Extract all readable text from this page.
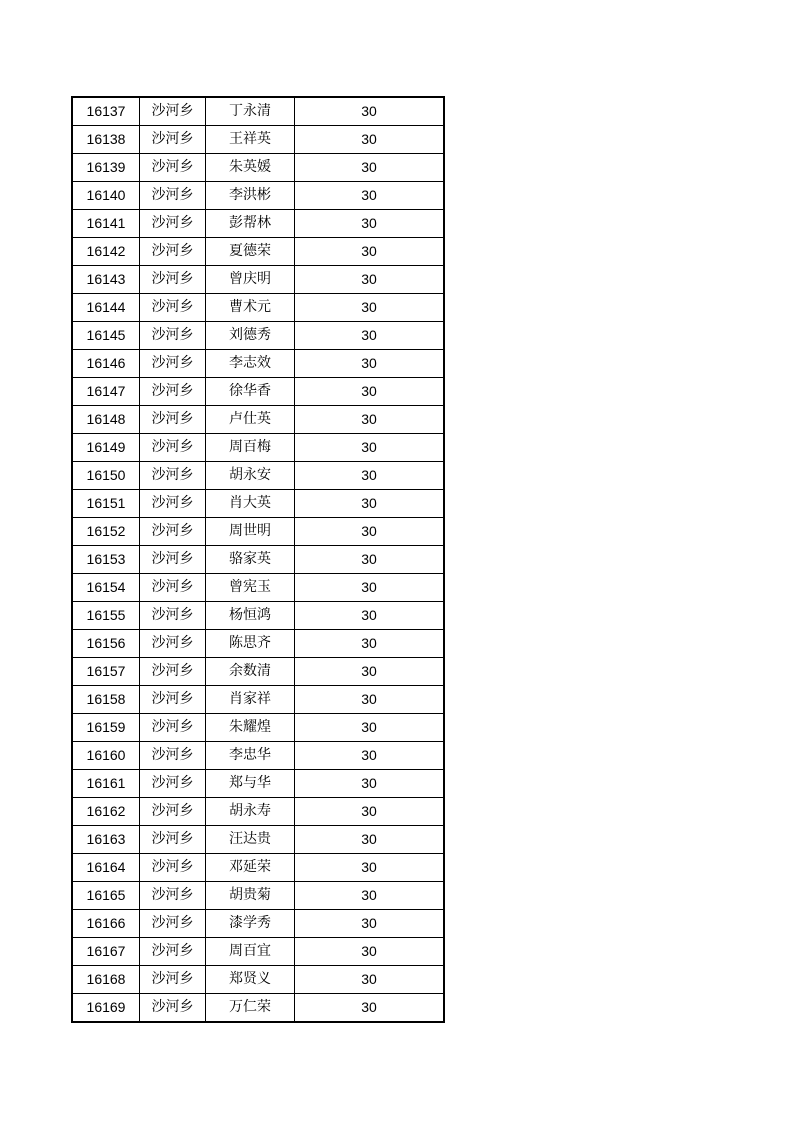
16137	沙河乡	丁永清	30
16138	沙河乡	王祥英	30
16139	沙河乡	朱英媛	30
16140	沙河乡	李洪彬	30
16141	沙河乡	彭帮林	30
16142	沙河乡	夏德荣	30
16143	沙河乡	曾庆明	30
16144	沙河乡	曹术元	30
16145	沙河乡	刘德秀	30
16146	沙河乡	李志效	30
16147	沙河乡	徐华香	30
16148	沙河乡	卢仕英	30
16149	沙河乡	周百梅	30
16150	沙河乡	胡永安	30
16151	沙河乡	肖大英	30
16152	沙河乡	周世明	30
16153	沙河乡	骆家英	30
16154	沙河乡	曾宪玉	30
16155	沙河乡	杨恒鸿	30
16156	沙河乡	陈思齐	30
16157	沙河乡	余数清	30
16158	沙河乡	肖家祥	30
16159	沙河乡	朱耀煌	30
16160	沙河乡	李忠华	30
16161	沙河乡	郑与华	30
16162	沙河乡	胡永寿	30
16163	沙河乡	汪达贵	30
16164	沙河乡	邓延荣	30
16165	沙河乡	胡贵菊	30
16166	沙河乡	漆学秀	30
16167	沙河乡	周百宜	30
16168	沙河乡	郑贤义	30
16169	沙河乡	万仁荣	30
